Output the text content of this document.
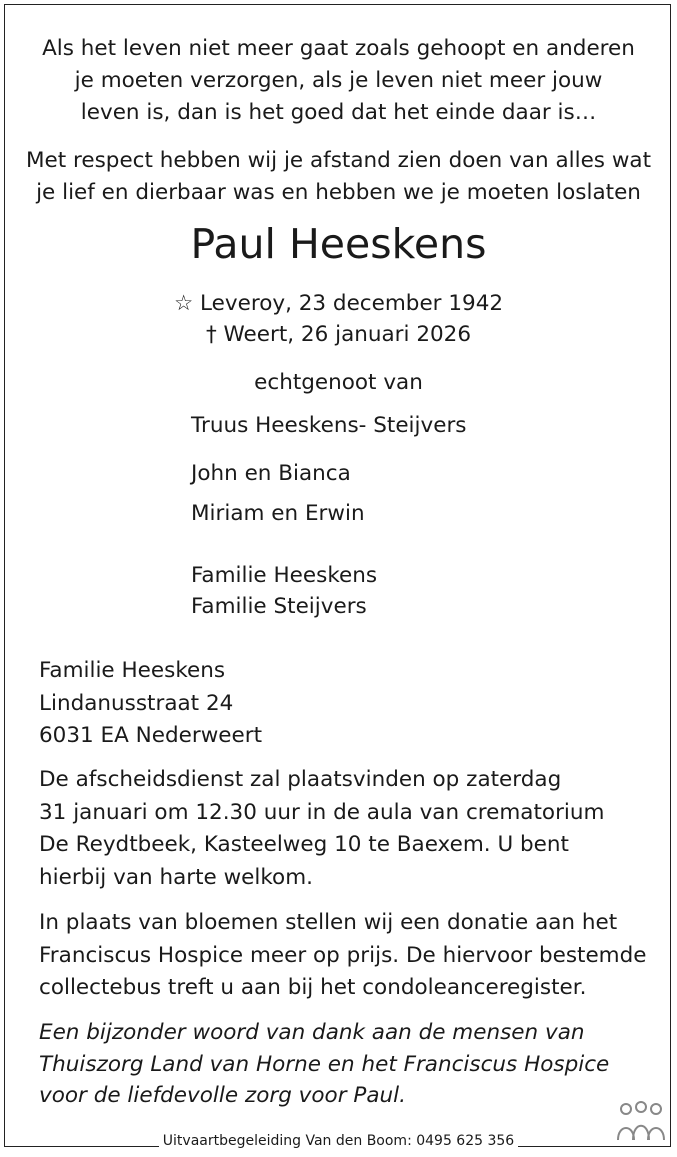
Als het leven niet meer gaat zoals gehoopt en anderen
je moeten verzorgen, als je leven niet meer jouw
leven is, dan is het goed dat het einde daar is…
Met respect hebben wij je afstand zien doen van alles wat
je lief en dierbaar was en hebben we je moeten loslaten
Paul Heeskens
☆ Leveroy, 23 december 1942
† Weert, 26 januari 2026
echtgenoot van
Truus Heeskens- Steijvers
John en Bianca
Miriam en Erwin
Familie Heeskens
Familie Steijvers
Familie Heeskens
Lindanusstraat 24
6031 EA Nederweert
De afscheidsdienst zal plaatsvinden op zaterdag
31 januari om 12.30 uur in de aula van crematorium
De Reydtbeek, Kasteelweg 10 te Baexem. U bent
hierbij van harte welkom.
In plaats van bloemen stellen wij een donatie aan het
Franciscus Hospice meer op prijs. De hiervoor bestemde
collectebus treft u aan bij het condoleanceregister.
Een bijzonder woord van dank aan de mensen van
Thuiszorg Land van Horne en het Franciscus Hospice
voor de liefdevolle zorg voor Paul.
Uitvaartbegeleiding Van den Boom: 0495 625 356
